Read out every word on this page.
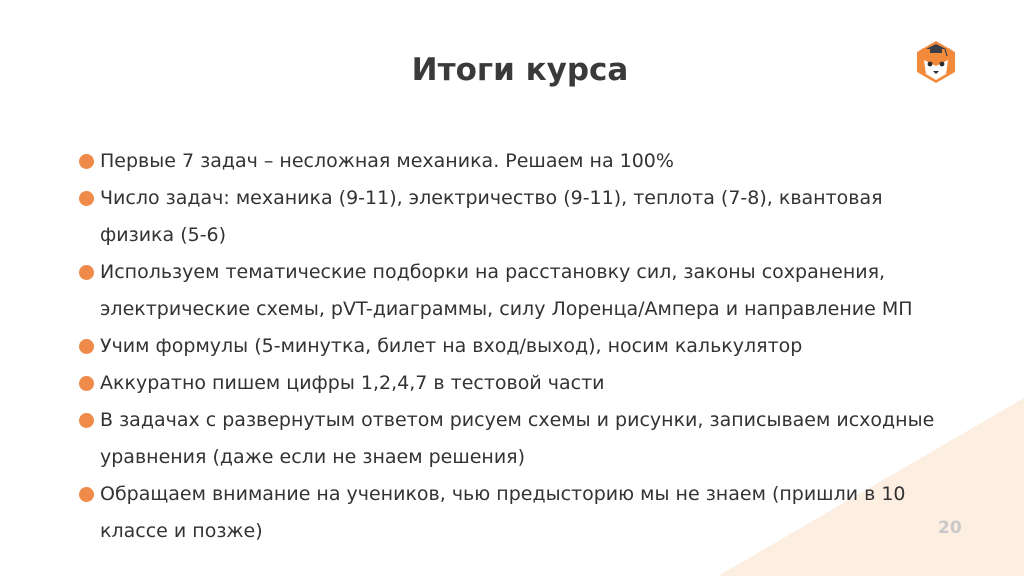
Итоги курса
Первые 7 задач – несложная механика. Решаем на 100%
Число задач: механика (9-11), электричество (9-11), теплота (7-8), квантовая физика (5-6)
Используем тематические подборки на расстановку сил, законы сохранения, электрические схемы, pVT-диаграммы, силу Лоренца/Ампера и направление МП
Учим формулы (5-минутка, билет на вход/выход), носим калькулятор
Аккуратно пишем цифры 1,2,4,7 в тестовой части
В задачах с развернутым ответом рисуем схемы и рисунки, записываем исходные уравнения (даже если не знаем решения)
Обращаем внимание на учеников, чью предысторию мы не знаем (пришли в 10 классе и позже)	20
